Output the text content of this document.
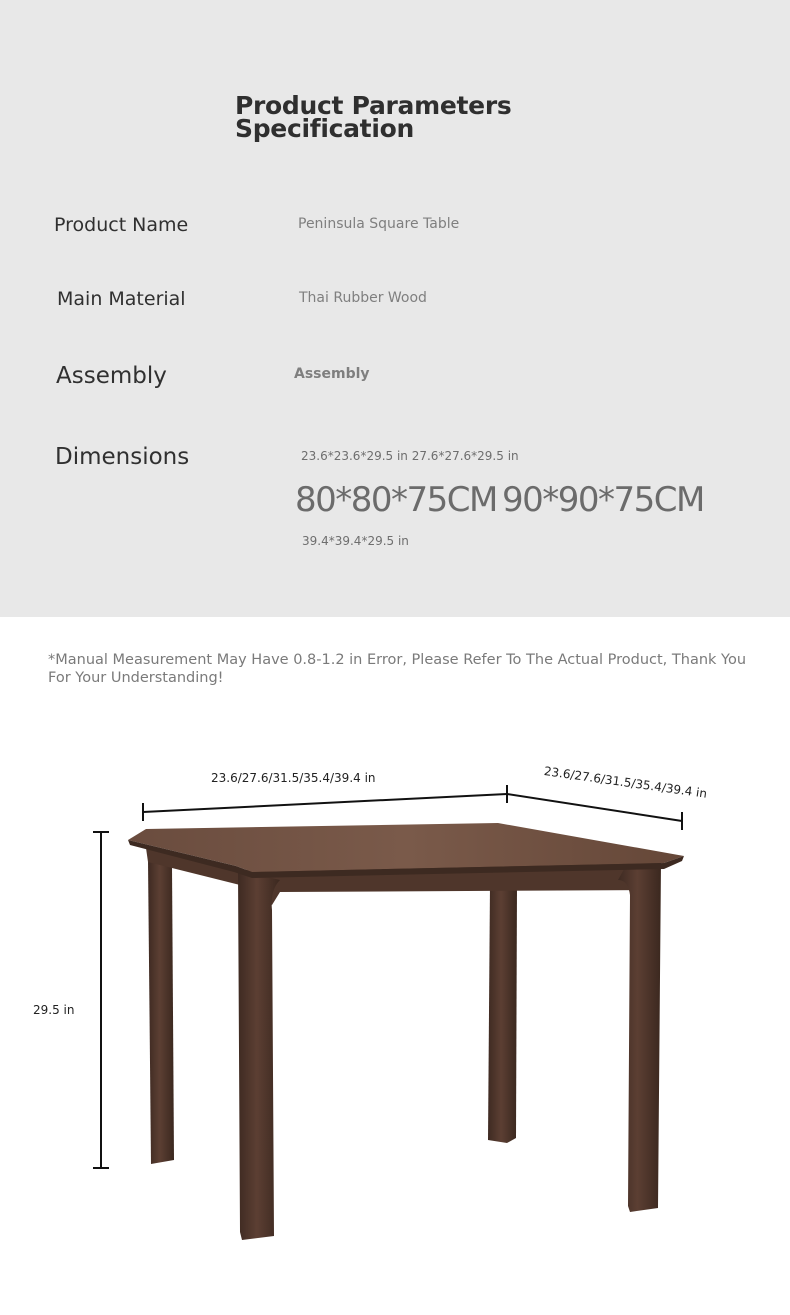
Product Parameters
Specification

Product Name	Peninsula Square Table

Main Material	Thai Rubber Wood

Assembly	Assembly

Dimensions	23.6*23.6*29.5 in 27.6*27.6*29.5 in

80*80*75CM 90*90*75CM

39.4*39.4*29.5 in

*Manual Measurement May Have 0.8-1.2 in Error, Please Refer To The Actual Product, Thank You For Your Understanding!

23.6/27.6/31.5/35.4/39.4 in	23.6/27.6/31.5/35.4/39.4 in

29.5 in
